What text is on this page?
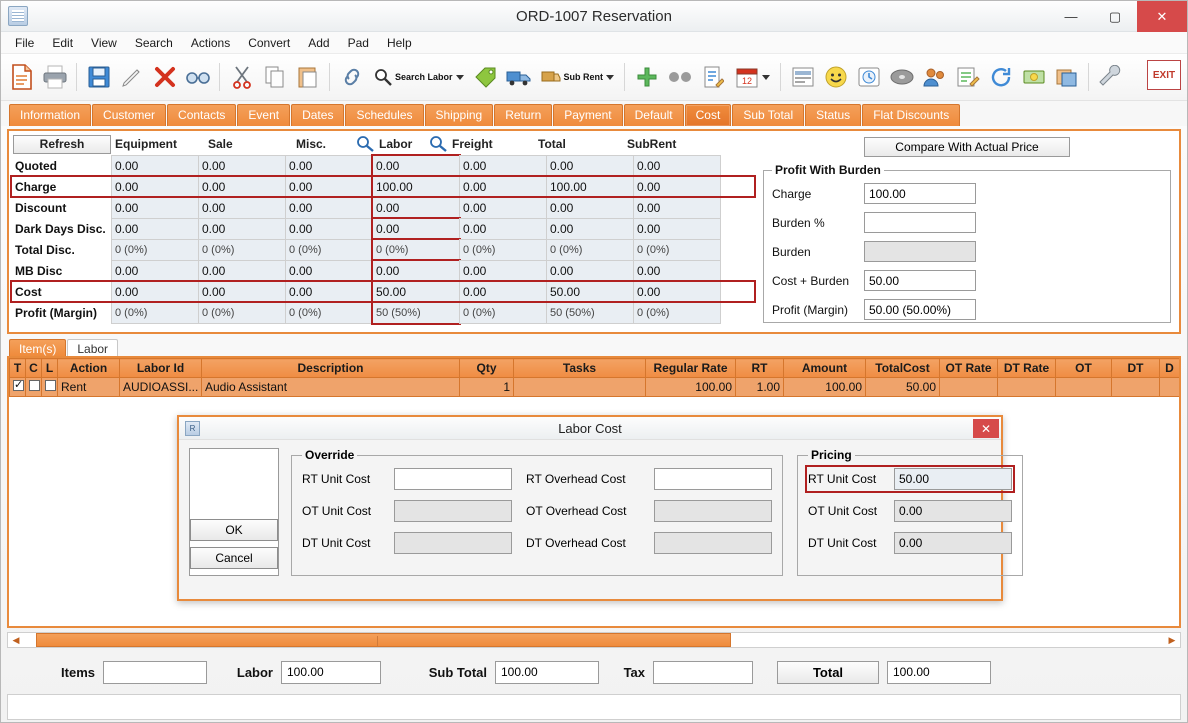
ORD-1007 Reservation	—	▢	✕
File	Edit	View	Search	Actions	Convert	Add	Pad	Help
Search Labor	Sub Rent	12
EXIT
Information	Customer	Contacts	Event	Dates	Schedules	Shipping	Return	Payment	Default	Cost	Sub Total	Status	Flat Discounts
Refresh	Equipment	Sale	Misc.	Labor	Freight	Total	SubRent
Quoted	0.00	0.00	0.00	0.00	0.00	0.00	0.00
Charge	0.00	0.00	0.00	100.00	0.00	100.00	0.00
Discount	0.00	0.00	0.00	0.00	0.00	0.00	0.00
Dark Days Disc. 0.00	0.00	0.00	0.00	0.00	0.00	0.00
Total Disc.	0 (0%)	0 (0%)	0 (0%)	0 (0%)	0 (0%)	0 (0%)	0 (0%)
MB Disc	0.00	0.00	0.00	0.00	0.00	0.00	0.00
Cost	0.00	0.00	0.00	50.00	0.00	50.00	0.00
Profit (Margin)	0 (0%)	0 (0%)	0 (0%)	50 (50%)	0 (0%)	50 (50%)	0 (0%)
Compare With Actual Price
Profit With Burden
Charge	100.00
Burden %
Burden
Cost + Burden	50.00
Profit (Margin)	50.00 (50.00%)
Item(s)	Labor
T	C	L	Action	Labor Id	Description	Qty	Tasks	Regular Rate	RT	Amount	TotalCost	OT Rate	DT Rate	OT	DT	D
✓			Rent	AUDIOASSI...	Audio Assistant	1		100.00	1.00	100.00	50.00					
◀	▶
Items	Labor	100.00	Sub Total	100.00	Tax	Total	100.00
R	Labor Cost	✕
OK
Cancel
Override
RT Unit Cost
OT Unit Cost
DT Unit Cost
RT Overhead Cost
OT Overhead Cost
DT Overhead Cost
Pricing
RT Unit Cost	50.00
OT Unit Cost	0.00
DT Unit Cost	0.00
